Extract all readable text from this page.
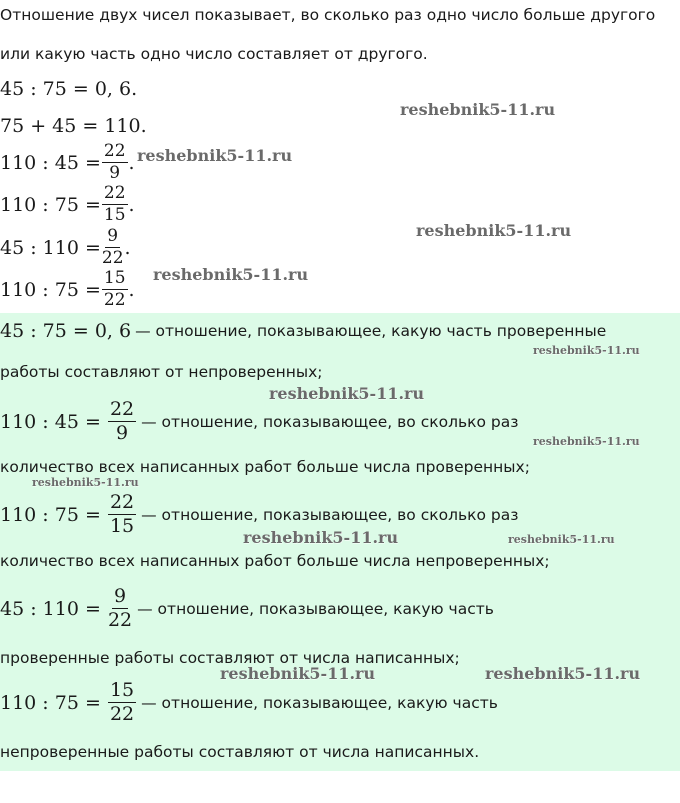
Отношение двух чисел показывает, во сколько раз одно число больше другого

или какую часть одно число составляет от другого.

45 : 75 = 0, 6.
75 + 45 = 110.
110 : $45 = \frac{22}{9}$ .
110 : $75 = \frac{22}{15}$ .
45 : $110 = \frac{9}{22}$ .
110 : $75 = \frac{15}{22}$ .
45 : 75 = 0, 6 — отношение, показывающее, какую часть проверенные

работы составляют от непроверенных;

110 : 45 =
$\frac{22}{9}$ — отношение, показывающее, во сколько раз

количество всех написанных работ больше числа проверенных;

110 : 75 =
$\frac{22}{15}$ — отношение, показывающее, во сколько раз

количество всех написанных работ больше числа непроверенных;

45 : 110 =
$\frac{9}{22}$ — отношение, показывающее, какую часть

проверенные работы составляют от числа написанных;

110 : 75 =
$\frac{15}{22}$ — отношение, показывающее, какую часть

непроверенные работы составляют от числа написанных.

reshebnik5-11.ru
reshebnik5-11.ru
reshebnik5-11.ru
reshebnik5-11.ru
reshebnik5-11.ru
reshebnik5-11.ru
reshebnik5-11.ru
reshebnik5-11.ru
reshebnik5-11.ru	reshebnik5-11.ru
reshebnik5-11.ru	reshebnik5-11.ru
